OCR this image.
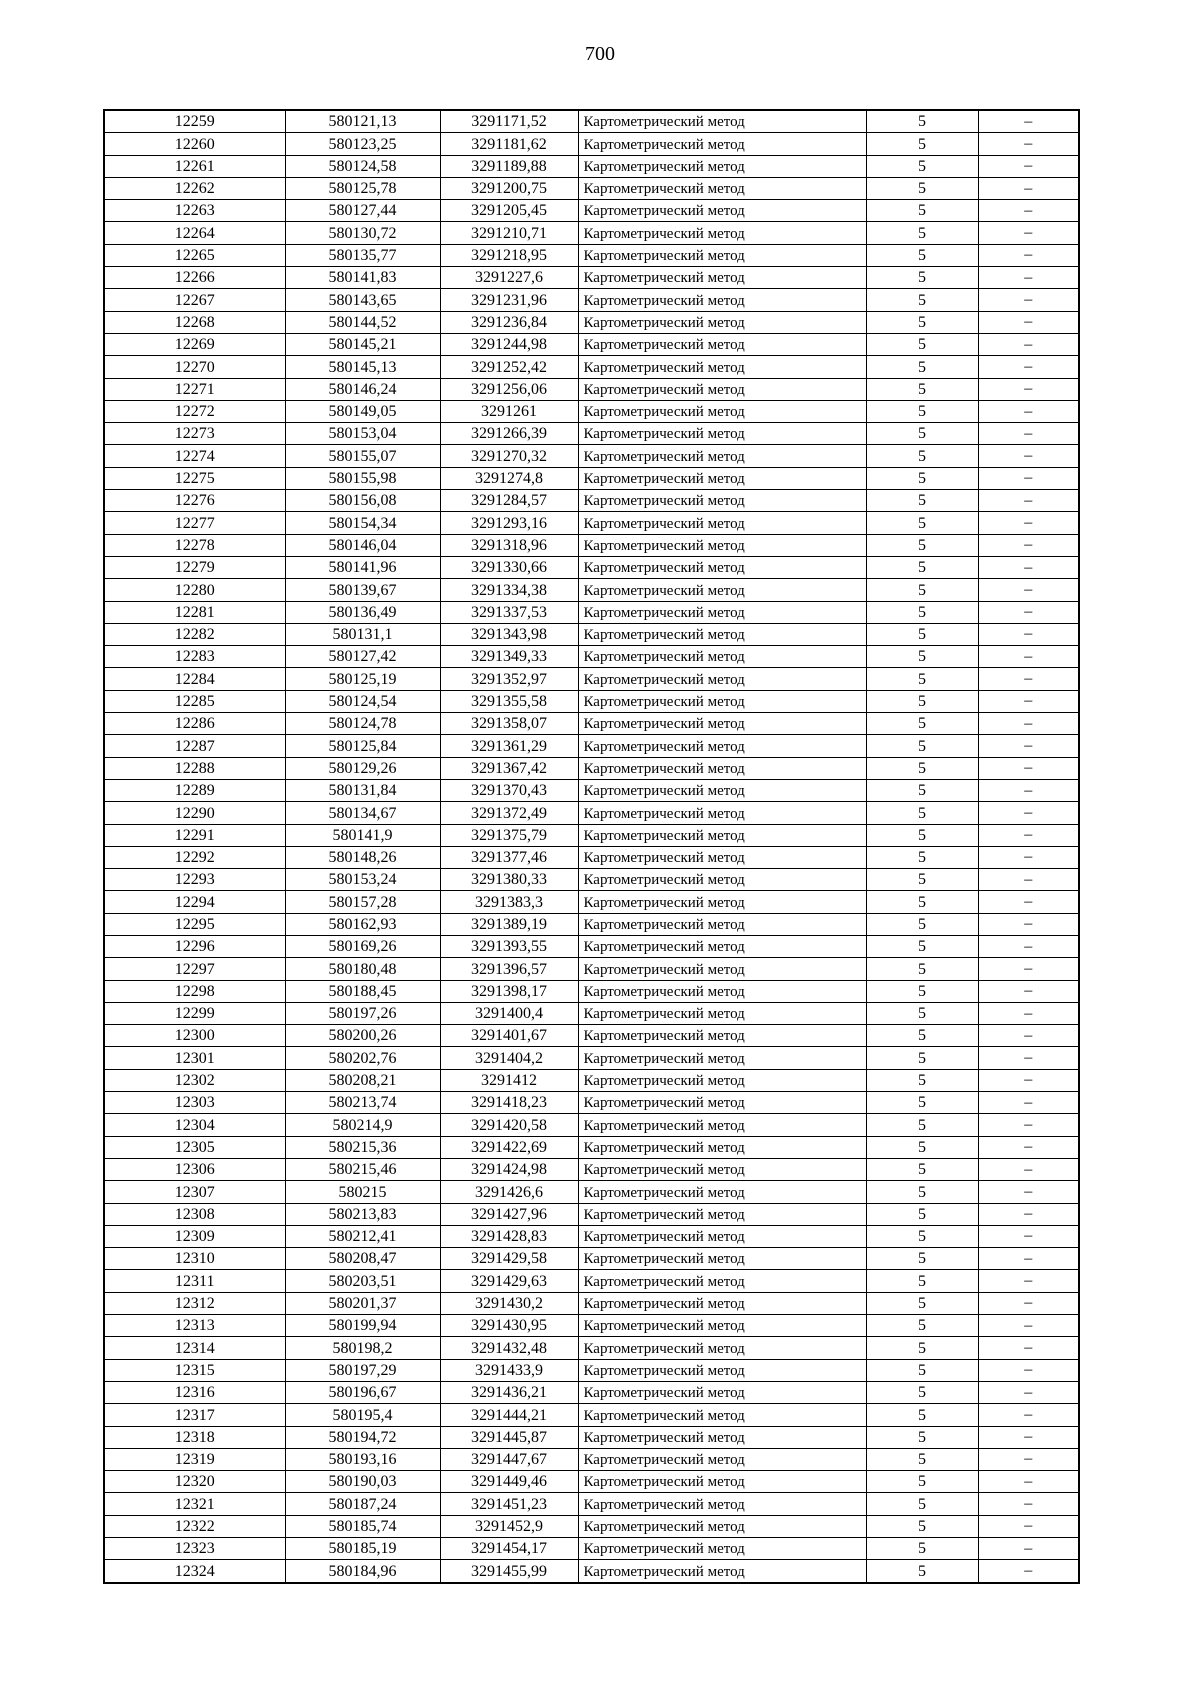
700
12259	580121,13	3291171,52	Картометрический метод	5	–
12260	580123,25	3291181,62	Картометрический метод	5	–
12261	580124,58	3291189,88	Картометрический метод	5	–
12262	580125,78	3291200,75	Картометрический метод	5	–
12263	580127,44	3291205,45	Картометрический метод	5	–
12264	580130,72	3291210,71	Картометрический метод	5	–
12265	580135,77	3291218,95	Картометрический метод	5	–
12266	580141,83	3291227,6	Картометрический метод	5	–
12267	580143,65	3291231,96	Картометрический метод	5	–
12268	580144,52	3291236,84	Картометрический метод	5	–
12269	580145,21	3291244,98	Картометрический метод	5	–
12270	580145,13	3291252,42	Картометрический метод	5	–
12271	580146,24	3291256,06	Картометрический метод	5	–
12272	580149,05	3291261	Картометрический метод	5	–
12273	580153,04	3291266,39	Картометрический метод	5	–
12274	580155,07	3291270,32	Картометрический метод	5	–
12275	580155,98	3291274,8	Картометрический метод	5	–
12276	580156,08	3291284,57	Картометрический метод	5	–
12277	580154,34	3291293,16	Картометрический метод	5	–
12278	580146,04	3291318,96	Картометрический метод	5	–
12279	580141,96	3291330,66	Картометрический метод	5	–
12280	580139,67	3291334,38	Картометрический метод	5	–
12281	580136,49	3291337,53	Картометрический метод	5	–
12282	580131,1	3291343,98	Картометрический метод	5	–
12283	580127,42	3291349,33	Картометрический метод	5	–
12284	580125,19	3291352,97	Картометрический метод	5	–
12285	580124,54	3291355,58	Картометрический метод	5	–
12286	580124,78	3291358,07	Картометрический метод	5	–
12287	580125,84	3291361,29	Картометрический метод	5	–
12288	580129,26	3291367,42	Картометрический метод	5	–
12289	580131,84	3291370,43	Картометрический метод	5	–
12290	580134,67	3291372,49	Картометрический метод	5	–
12291	580141,9	3291375,79	Картометрический метод	5	–
12292	580148,26	3291377,46	Картометрический метод	5	–
12293	580153,24	3291380,33	Картометрический метод	5	–
12294	580157,28	3291383,3	Картометрический метод	5	–
12295	580162,93	3291389,19	Картометрический метод	5	–
12296	580169,26	3291393,55	Картометрический метод	5	–
12297	580180,48	3291396,57	Картометрический метод	5	–
12298	580188,45	3291398,17	Картометрический метод	5	–
12299	580197,26	3291400,4	Картометрический метод	5	–
12300	580200,26	3291401,67	Картометрический метод	5	–
12301	580202,76	3291404,2	Картометрический метод	5	–
12302	580208,21	3291412	Картометрический метод	5	–
12303	580213,74	3291418,23	Картометрический метод	5	–
12304	580214,9	3291420,58	Картометрический метод	5	–
12305	580215,36	3291422,69	Картометрический метод	5	–
12306	580215,46	3291424,98	Картометрический метод	5	–
12307	580215	3291426,6	Картометрический метод	5	–
12308	580213,83	3291427,96	Картометрический метод	5	–
12309	580212,41	3291428,83	Картометрический метод	5	–
12310	580208,47	3291429,58	Картометрический метод	5	–
12311	580203,51	3291429,63	Картометрический метод	5	–
12312	580201,37	3291430,2	Картометрический метод	5	–
12313	580199,94	3291430,95	Картометрический метод	5	–
12314	580198,2	3291432,48	Картометрический метод	5	–
12315	580197,29	3291433,9	Картометрический метод	5	–
12316	580196,67	3291436,21	Картометрический метод	5	–
12317	580195,4	3291444,21	Картометрический метод	5	–
12318	580194,72	3291445,87	Картометрический метод	5	–
12319	580193,16	3291447,67	Картометрический метод	5	–
12320	580190,03	3291449,46	Картометрический метод	5	–
12321	580187,24	3291451,23	Картометрический метод	5	–
12322	580185,74	3291452,9	Картометрический метод	5	–
12323	580185,19	3291454,17	Картометрический метод	5	–
12324	580184,96	3291455,99	Картометрический метод	5	–
